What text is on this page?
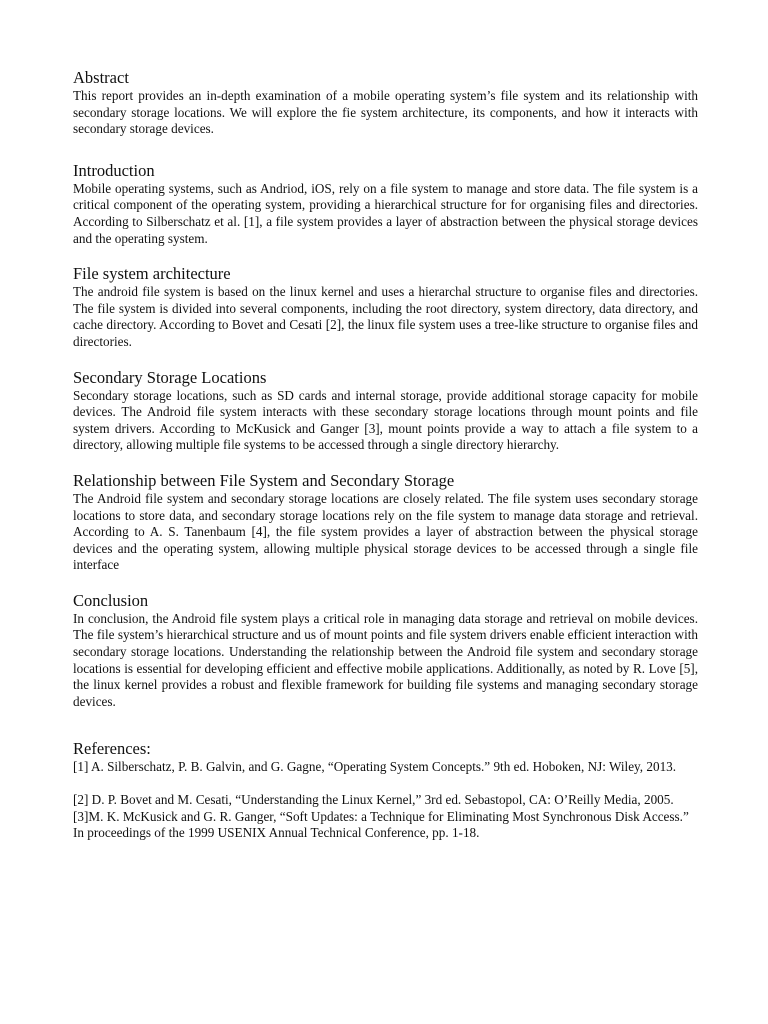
Abstract

This report provides an in-depth examination of a mobile operating system’s file system and its relationship with secondary storage locations. We will explore the fie system architecture, its components, and how it interacts with secondary storage devices.

Introduction

Mobile operating systems, such as Andriod, iOS, rely on a file system to manage and store data. The file system is a critical component of the operating system, providing a hierarchical structure for for organising files and directories. According to Silberschatz et al. [1], a file system provides a layer of abstraction between the physical storage devices and the operating system.

File system architecture

The android file system is based on the linux kernel and uses a hierarchal structure to organise files and directories. The file system is divided into several components, including the root directory, system directory, data directory, and cache directory. According to Bovet and Cesati [2], the linux file system uses a tree-like structure to organise files and directories.

Secondary Storage Locations

Secondary storage locations, such as SD cards and internal storage, provide additional storage capacity for mobile devices. The Android file system interacts with these secondary storage locations through mount points and file system drivers. According to McKusick and Ganger [3], mount points provide a way to attach a file system to a directory, allowing multiple file systems to be accessed through a single directory hierarchy.

Relationship between File System and Secondary Storage

The Android file system and secondary storage locations are closely related. The file system uses secondary storage locations to store data, and secondary storage locations rely on the file system to manage data storage and retrieval. According to A. S. Tanenbaum [4], the file system provides a layer of abstraction between the physical storage devices and the operating system, allowing multiple physical storage devices to be accessed through a single file interface

Conclusion

In conclusion, the Android file system plays a critical role in managing data storage and retrieval on mobile devices. The file system’s hierarchical structure and us of mount points and file system drivers enable efficient interaction with secondary storage locations. Understanding the relationship between the Android file system and secondary storage locations is essential for developing efficient and effective mobile applications. Additionally, as noted by R. Love [5], the linux kernel provides a robust and flexible framework for building file systems and managing secondary storage devices.

References:

[1] A. Silberschatz, P. B. Galvin, and G. Gagne, “Operating System Concepts.” 9th ed. Hoboken, NJ: Wiley, 2013.

[2] D. P. Bovet and M. Cesati, “Understanding the Linux Kernel,” 3rd ed. Sebastopol, CA: O’Reilly Media, 2005.

[3]M. K. McKusick and G. R. Ganger, “Soft Updates: a Technique for Eliminating Most Synchronous Disk Access.” In proceedings of the 1999 USENIX Annual Technical Conference, pp. 1-18.
